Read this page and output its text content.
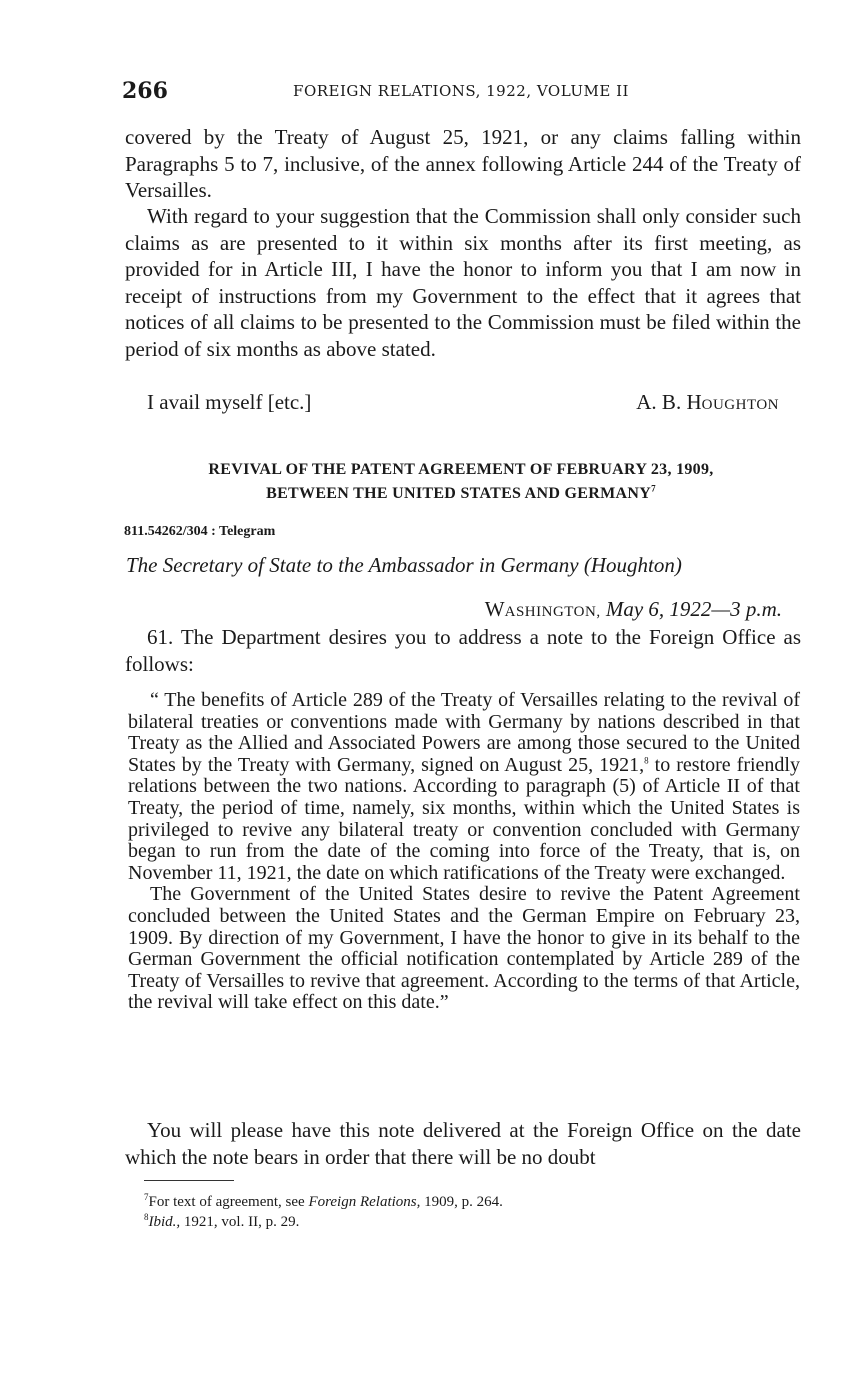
266	FOREIGN RELATIONS, 1922, VOLUME II

covered by the Treaty of August 25, 1921, or any claims falling within Paragraphs 5 to 7, inclusive, of the annex following Article 244 of the Treaty of Versailles.

With regard to your suggestion that the Commission shall only consider such claims as are presented to it within six months after its first meeting, as provided for in Article III, I have the honor to inform you that I am now in receipt of instructions from my Government to the effect that it agrees that notices of all claims to be presented to the Commission must be filed within the period of six months as above stated.

I avail myself [etc.]	A. B. HOUGHTON
REVIVAL OF THE PATENT AGREEMENT OF FEBRUARY 23, 1909,
BETWEEN THE UNITED STATES AND GERMANY$^7$
811.54262/304 : Telegram
The Secretary of State to the Ambassador in Germany (Houghton)
WASHINGTON, May 6, 1922—3 p.m.

61. The Department desires you to address a note to the Foreign Office as follows:

“ The benefits of Article 289 of the Treaty of Versailles relating to the revival of bilateral treaties or conventions made with Germany by nations described in that Treaty as the Allied and Associated Powers are among those secured to the United States by the Treaty with Germany, signed on August 25, 1921,$^8$ to restore friendly relations between the two nations. According to paragraph (5) of Article II of that Treaty, the period of time, namely, six months, within which the United States is privileged to revive any bilateral treaty or convention concluded with Germany began to run from the date of the coming into force of the Treaty, that is, on November 11, 1921, the date on which ratifications of the Treaty were exchanged.

The Government of the United States desire to revive the Patent Agreement concluded between the United States and the German Empire on February 23, 1909. By direction of my Government, I have the honor to give in its behalf to the German Government the official notification contemplated by Article 289 of the Treaty of Versailles to revive that agreement. According to the terms of that Article, the revival will take effect on this date.”

You will please have this note delivered at the Foreign Office on the date which the note bears in order that there will be no doubt

$^7$For text of agreement, see Foreign Relations, 1909, p. 264.

$^8$Ibid., 1921, vol. II, p. 29.
